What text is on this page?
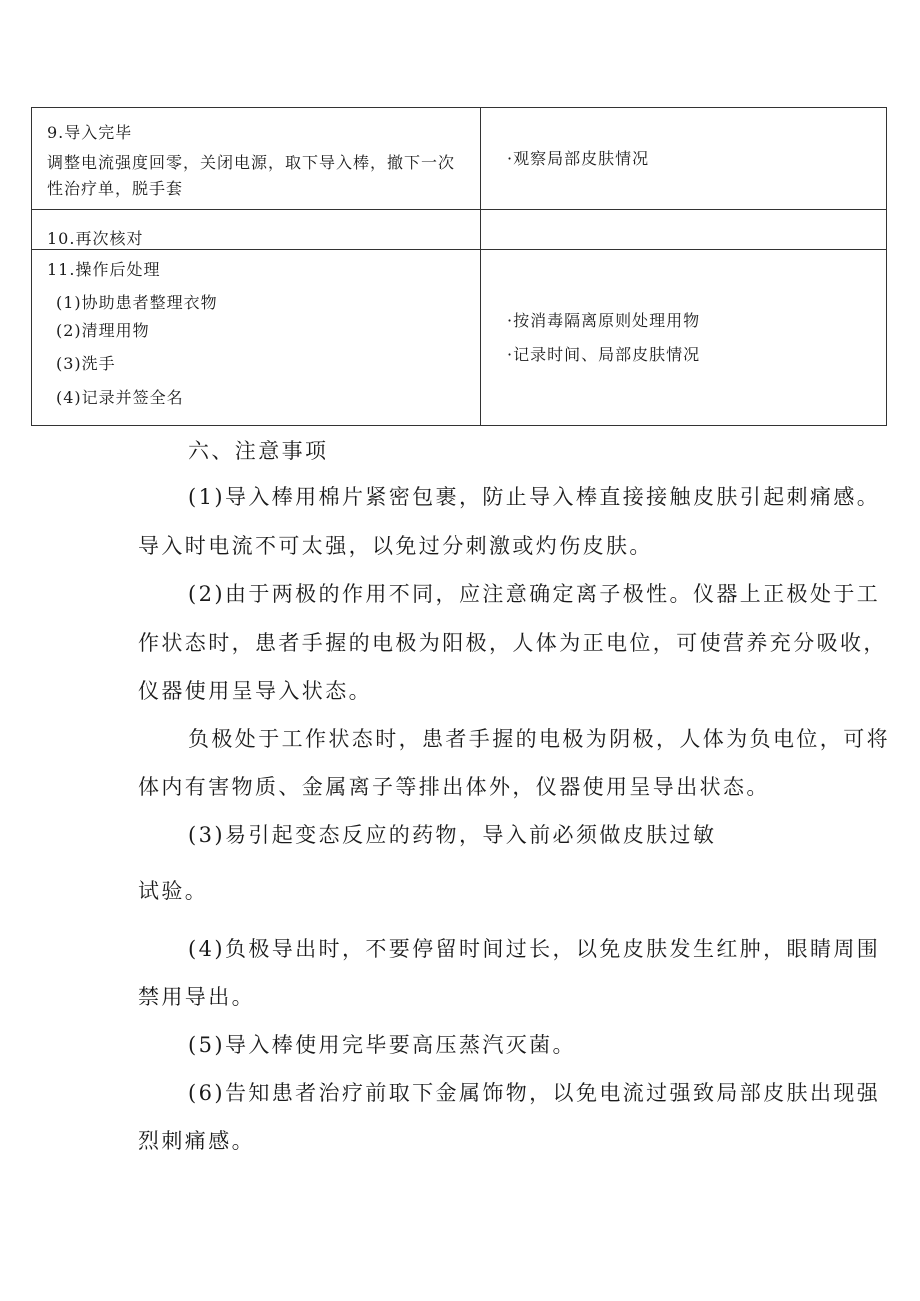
9.导入完毕
调整电流强度回零，关闭电源，取下导入棒，撤下一次
性治疗单，脱手套
·观察局部皮肤情况
10.再次核对
11.操作后处理
(1)协助患者整理衣物
(2)清理用物
(3)洗手
(4)记录并签全名
·按消毒隔离原则处理用物
·记录时间、局部皮肤情况
六、注意事项
(1)导入棒用棉片紧密包裹，防止导入棒直接接触皮肤引起刺痛感。
导入时电流不可太强，以免过分刺激或灼伤皮肤。
(2)由于两极的作用不同，应注意确定离子极性。仪器上正极处于工
作状态时，患者手握的电极为阳极，人体为正电位，可使营养充分吸收，
仪器使用呈导入状态。
负极处于工作状态时，患者手握的电极为阴极，人体为负电位，可将
体内有害物质、金属离子等排出体外，仪器使用呈导出状态。
(3)易引起变态反应的药物，导入前必须做皮肤过敏
试验。
(4)负极导出时，不要停留时间过长，以免皮肤发生红肿，眼睛周围
禁用导出。
(5)导入棒使用完毕要高压蒸汽灭菌。
(6)告知患者治疗前取下金属饰物，以免电流过强致局部皮肤出现强
烈刺痛感。
